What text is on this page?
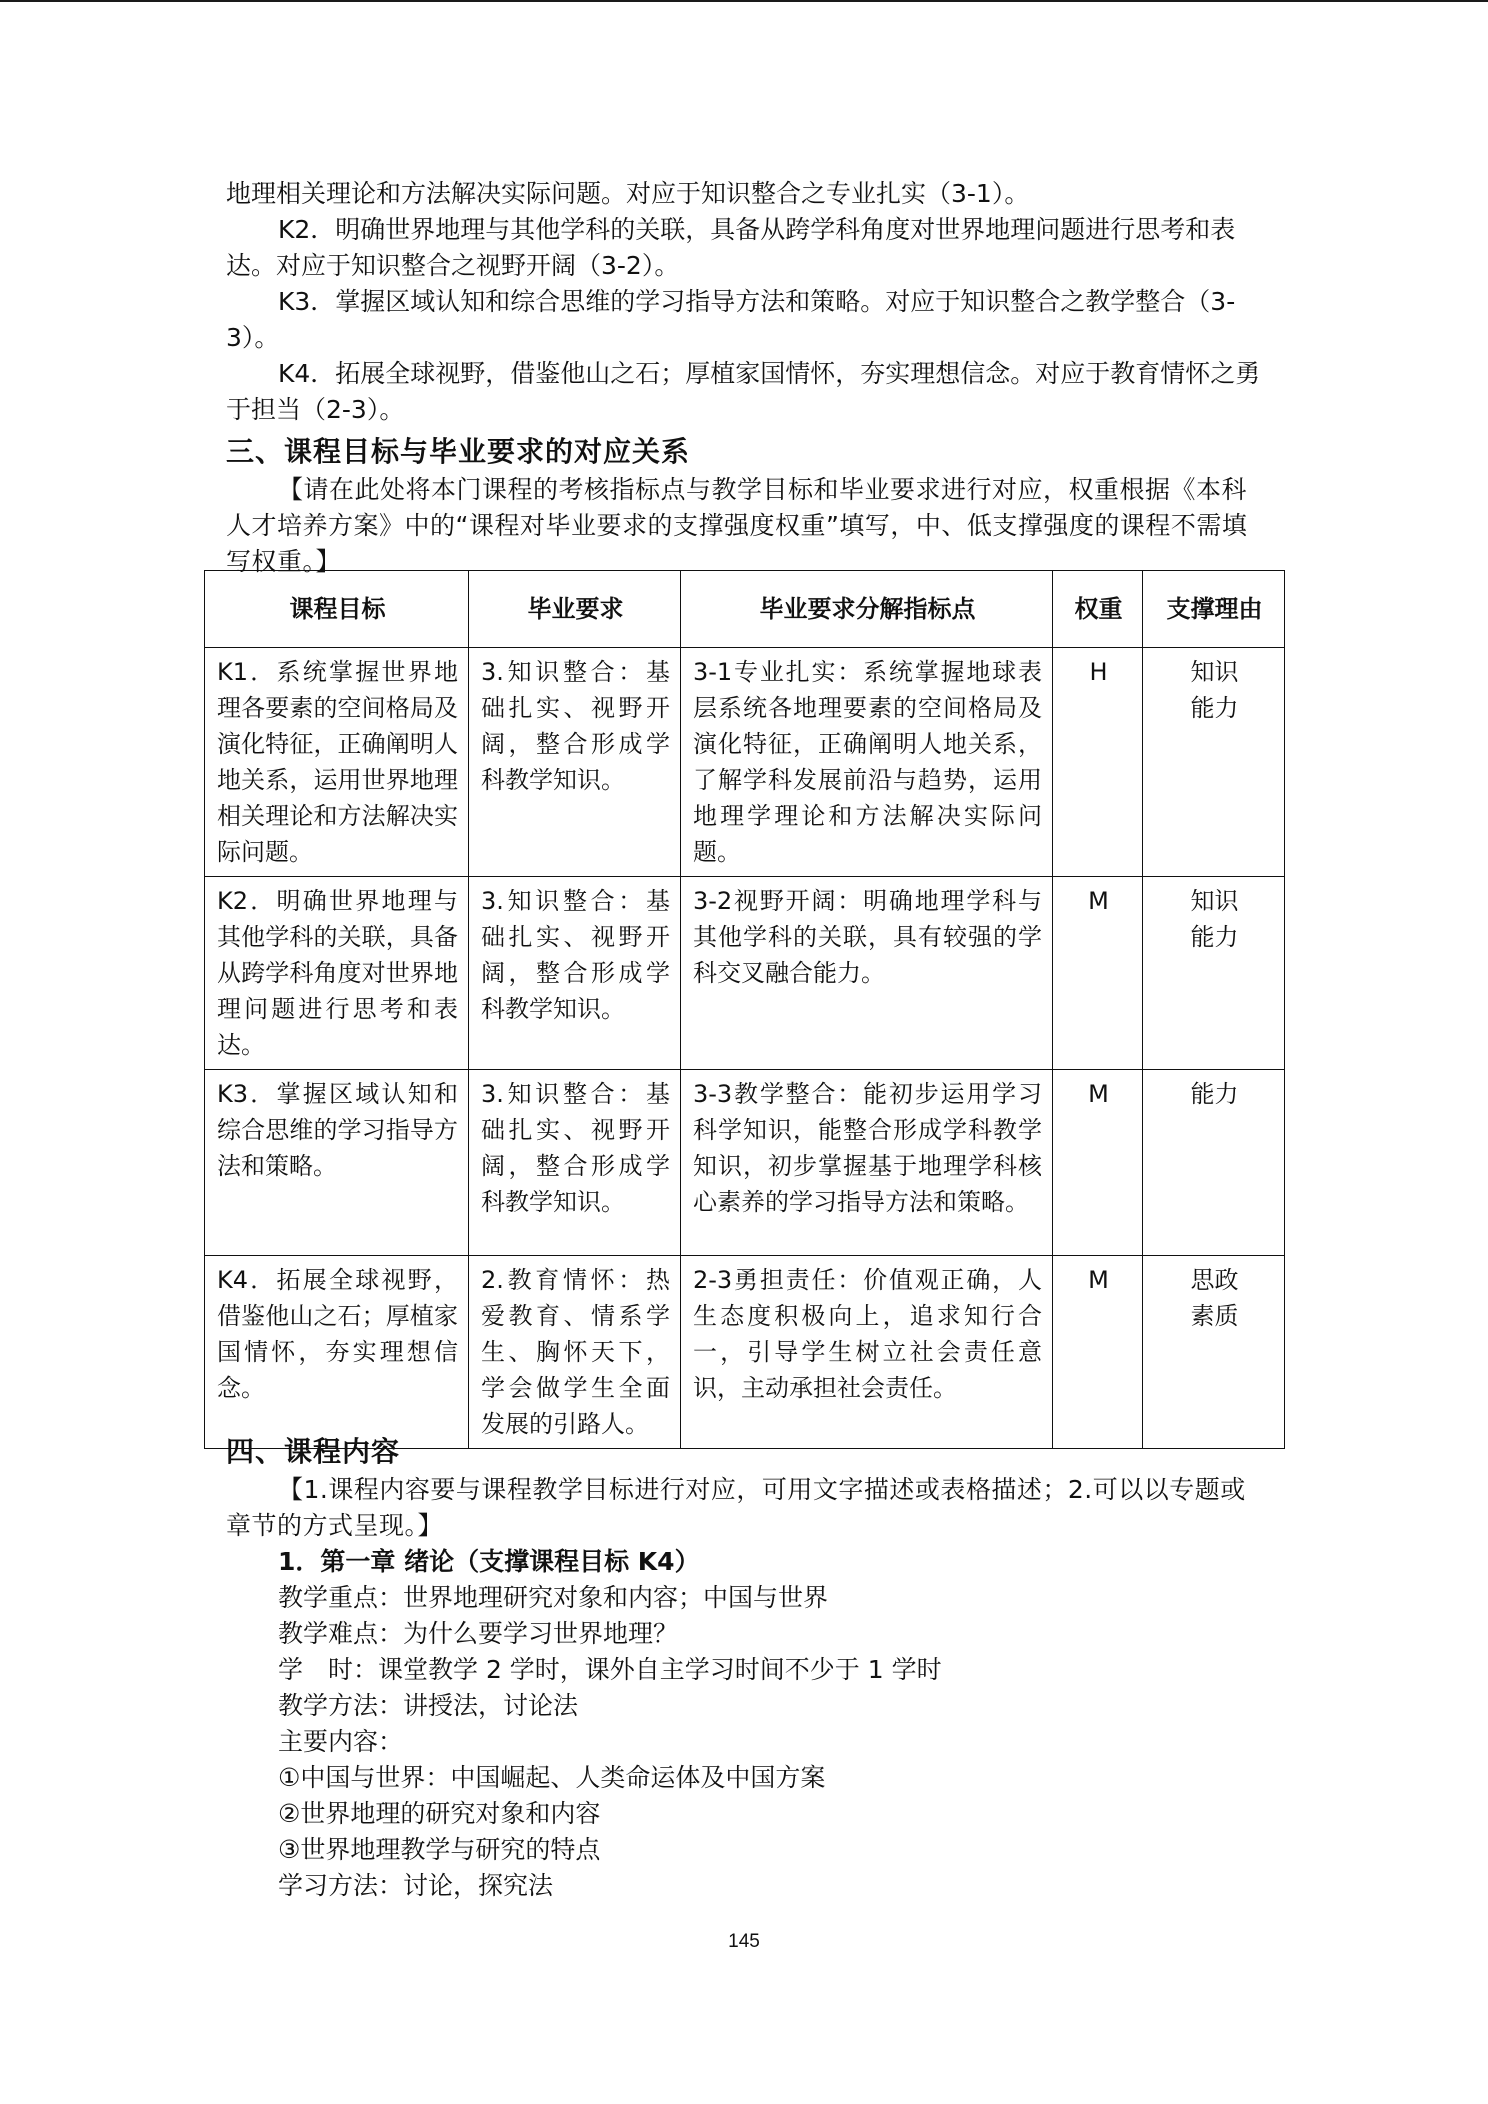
地理相关理论和方法解决实际问题。对应于知识整合之专业扎实（3-1）。

K2．明确世界地理与其他学科的关联，具备从跨学科角度对世界地理问题进行思考和表达。对应于知识整合之视野开阔（3-2）。

K3．掌握区域认知和综合思维的学习指导方法和策略。对应于知识整合之教学整合（3-3）。

K4．拓展全球视野，借鉴他山之石；厚植家国情怀，夯实理想信念。对应于教育情怀之勇于担当（2-3）。

三、课程目标与毕业要求的对应关系

【请在此处将本门课程的考核指标点与教学目标和毕业要求进行对应，权重根据《本科人才培养方案》中的“课程对毕业要求的支撑强度权重”填写，中、低支撑强度的课程不需填写权重。】

课程目标	毕业要求	毕业要求分解指标点	权重	支撑理由
K1．系统掌握世界地理各要素的空间格局及演化特征，正确阐明人地关系，运用世界地理相关理论和方法解决实际问题。	3.知识整合：基础扎实、视野开阔，整合形成学科教学知识。	3-1专业扎实：系统掌握地球表层系统各地理要素的空间格局及演化特征，正确阐明人地关系，了解学科发展前沿与趋势，运用地理学理论和方法解决实际问题。	H	知识
能力
K2．明确世界地理与其他学科的关联，具备从跨学科角度对世界地理问题进行思考和表达。	3.知识整合：基础扎实、视野开阔，整合形成学科教学知识。	3-2视野开阔：明确地理学科与其他学科的关联，具有较强的学科交叉融合能力。	M	知识
能力
K3．掌握区域认知和综合思维的学习指导方法和策略。	3.知识整合：基础扎实、视野开阔，整合形成学科教学知识。	3-3教学整合：能初步运用学习科学知识，能整合形成学科教学知识，初步掌握基于地理学科核心素养的学习指导方法和策略。	M	能力
K4．拓展全球视野，借鉴他山之石；厚植家国情怀，夯实理想信念。	2.教育情怀：热爱教育、情系学生、胸怀天下，学会做学生全面发展的引路人。	2-3勇担责任：价值观正确，人生态度积极向上，追求知行合一，引导学生树立社会责任意识，主动承担社会责任。	M	思政
素质
四、课程内容

【1.课程内容要与课程教学目标进行对应，可用文字描述或表格描述；2.可以以专题或章节的方式呈现。】

1．第一章 绪论（支撑课程目标 K4）

教学重点：世界地理研究对象和内容；中国与世界

教学难点：为什么要学习世界地理？

学　时：课堂教学 2 学时，课外自主学习时间不少于 1 学时

教学方法：讲授法，讨论法

主要内容：

①中国与世界：中国崛起、人类命运体及中国方案

②世界地理的研究对象和内容

③世界地理教学与研究的特点

学习方法：讨论，探究法

145
